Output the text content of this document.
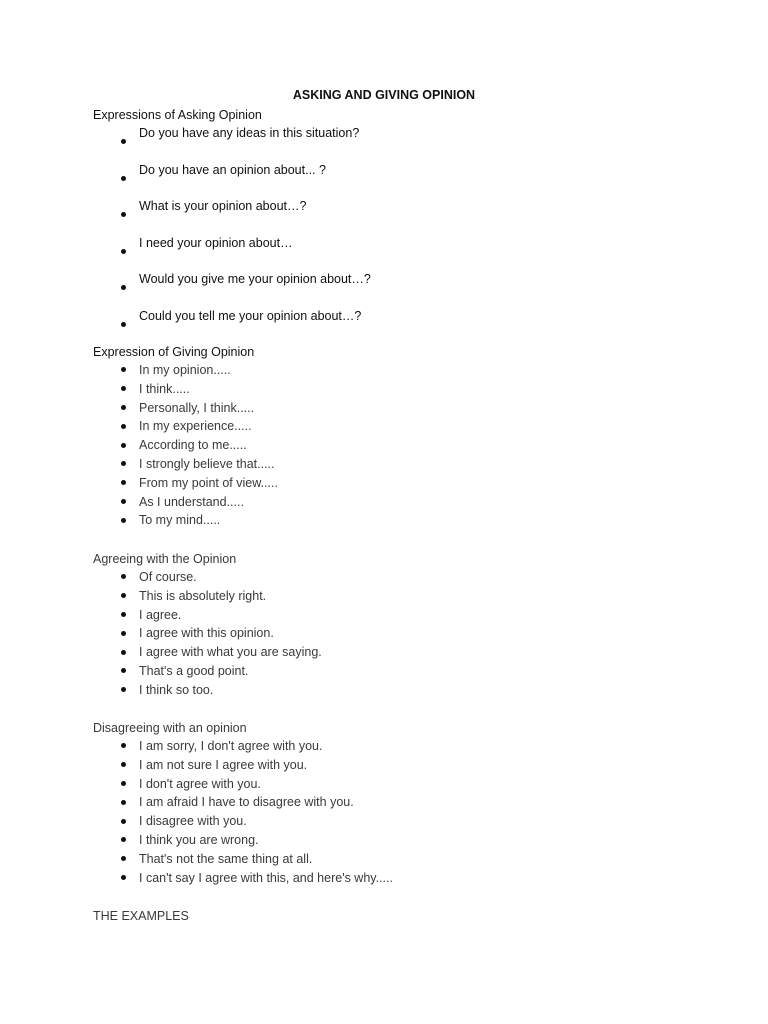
ASKING AND GIVING OPINION
Expressions of Asking Opinion
Do you have any ideas in this situation?
Do you have an opinion about... ?
What is your opinion about…?
I need your opinion about…
Would you give me your opinion about…?
Could you tell me your opinion about…?
Expression of Giving Opinion
In my opinion.....
I think.....
Personally, I think.....
In my experience.....
According to me.....
I strongly believe that.....
From my point of view.....
As I understand.....
To my mind.....
Agreeing with the Opinion
Of course.
This is absolutely right.
I agree.
I agree with this opinion.
I agree with what you are saying.
That's a good point.
I think so too.
Disagreeing with an opinion
I am sorry, I don't agree with you.
I am not sure I agree with you.
I don't agree with you.
I am afraid I have to disagree with you.
I disagree with you.
I think you are wrong.
That's not the same thing at all.
I can't say I agree with this, and here's why.....
THE EXAMPLES
